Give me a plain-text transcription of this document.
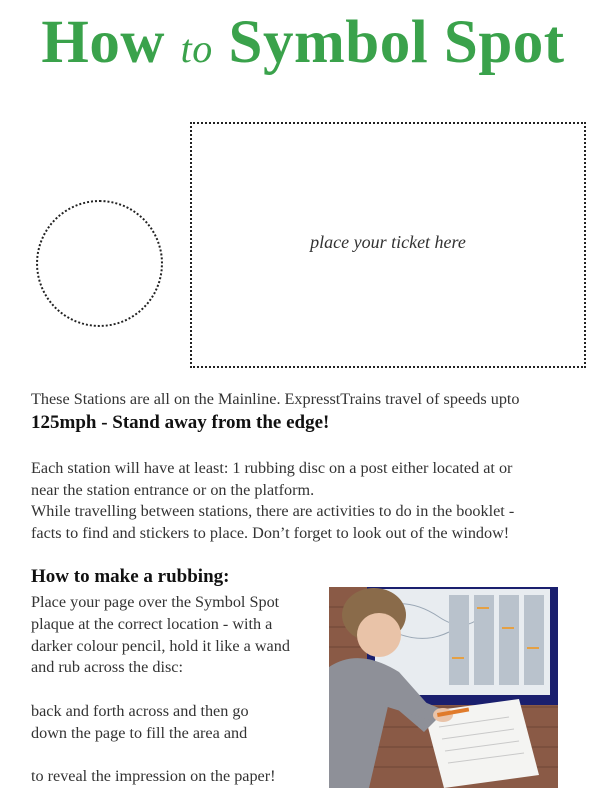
How to Symbol Spot
place your ticket here

These Stations are all on the Mainline. ExpresstTrains travel of speeds upto

125mph - Stand away from the edge!

Each station will have at least: 1 rubbing disc on a post either located at or

near the station entrance or on the platform.

While travelling between stations, there are activities to do in the booklet -

facts to find and stickers to place. Don’t forget to look out of the window!

How to make a rubbing:
Place your page over the Symbol Spot
plaque at the correct location - with a
darker colour pencil, hold it like a wand
and rub across the disc:
back and forth across and then go
down the page to fill the area and
to reveal the impression on the paper!
